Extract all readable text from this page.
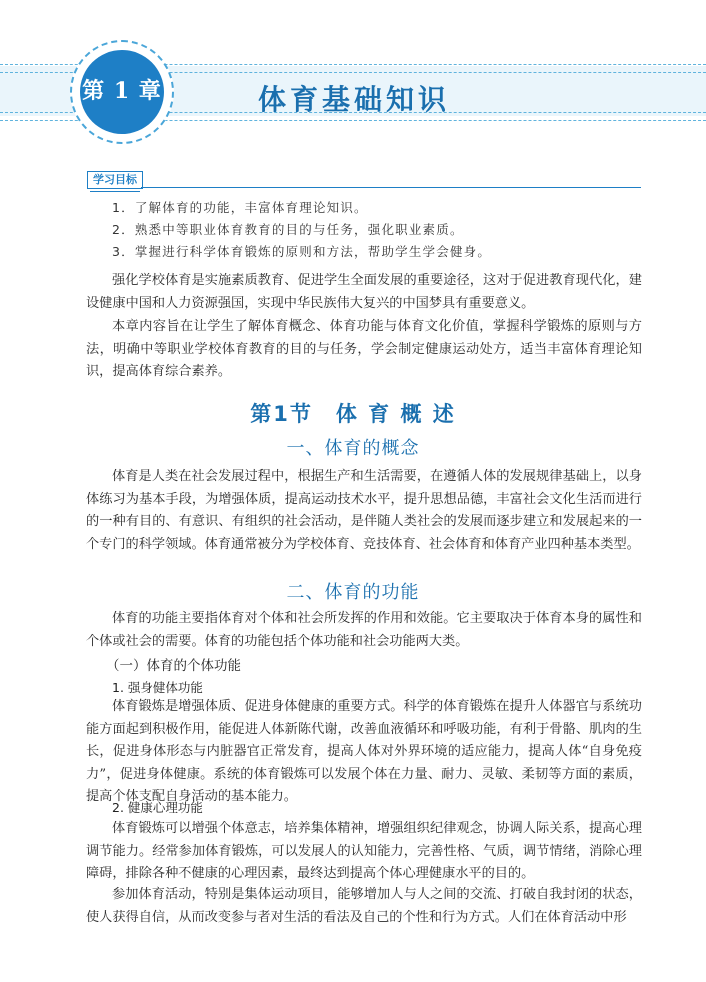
第 1 章	体育基础知识
学习目标
1．了解体育的功能，丰富体育理论知识。
2．熟悉中等职业体育教育的目的与任务，强化职业素质。
3．掌握进行科学体育锻炼的原则和方法，帮助学生学会健身。

强化学校体育是实施素质教育、促进学生全面发展的重要途径，这对于促进教育现代化，建设健康中国和人力资源强国，实现中华民族伟大复兴的中国梦具有重要意义。

本章内容旨在让学生了解体育概念、体育功能与体育文化价值，掌握科学锻炼的原则与方法，明确中等职业学校体育教育的目的与任务，学会制定健康运动处方，适当丰富体育理论知识，提高体育综合素养。

第1节　体 育 概 述
一、体育的概念

体育是人类在社会发展过程中，根据生产和生活需要，在遵循人体的发展规律基础上，以身体练习为基本手段，为增强体质，提高运动技术水平，提升思想品德，丰富社会文化生活而进行的一种有目的、有意识、有组织的社会活动，是伴随人类社会的发展而逐步建立和发展起来的一个专门的科学领域。体育通常被分为学校体育、竞技体育、社会体育和体育产业四种基本类型。

二、体育的功能

体育的功能主要指体育对个体和社会所发挥的作用和效能。它主要取决于体育本身的属性和个体或社会的需要。体育的功能包括个体功能和社会功能两大类。

（一）体育的个体功能
1. 强身健体功能

体育锻炼是增强体质、促进身体健康的重要方式。科学的体育锻炼在提升人体器官与系统功能方面起到积极作用，能促进人体新陈代谢，改善血液循环和呼吸功能，有利于骨骼、肌肉的生长，促进身体形态与内脏器官正常发育，提高人体对外界环境的适应能力，提高人体“自身免疫力”，促进身体健康。系统的体育锻炼可以发展个体在力量、耐力、灵敏、柔韧等方面的素质，提高个体支配自身活动的基本能力。

2. 健康心理功能

体育锻炼可以增强个体意志，培养集体精神，增强组织纪律观念，协调人际关系，提高心理调节能力。经常参加体育锻炼，可以发展人的认知能力，完善性格、气质，调节情绪，消除心理障碍，排除各种不健康的心理因素，最终达到提高个体心理健康水平的目的。

参加体育活动，特别是集体运动项目，能够增加人与人之间的交流、打破自我封闭的状态，使人获得自信，从而改变参与者对生活的看法及自己的个性和行为方式。人们在体育活动中形
